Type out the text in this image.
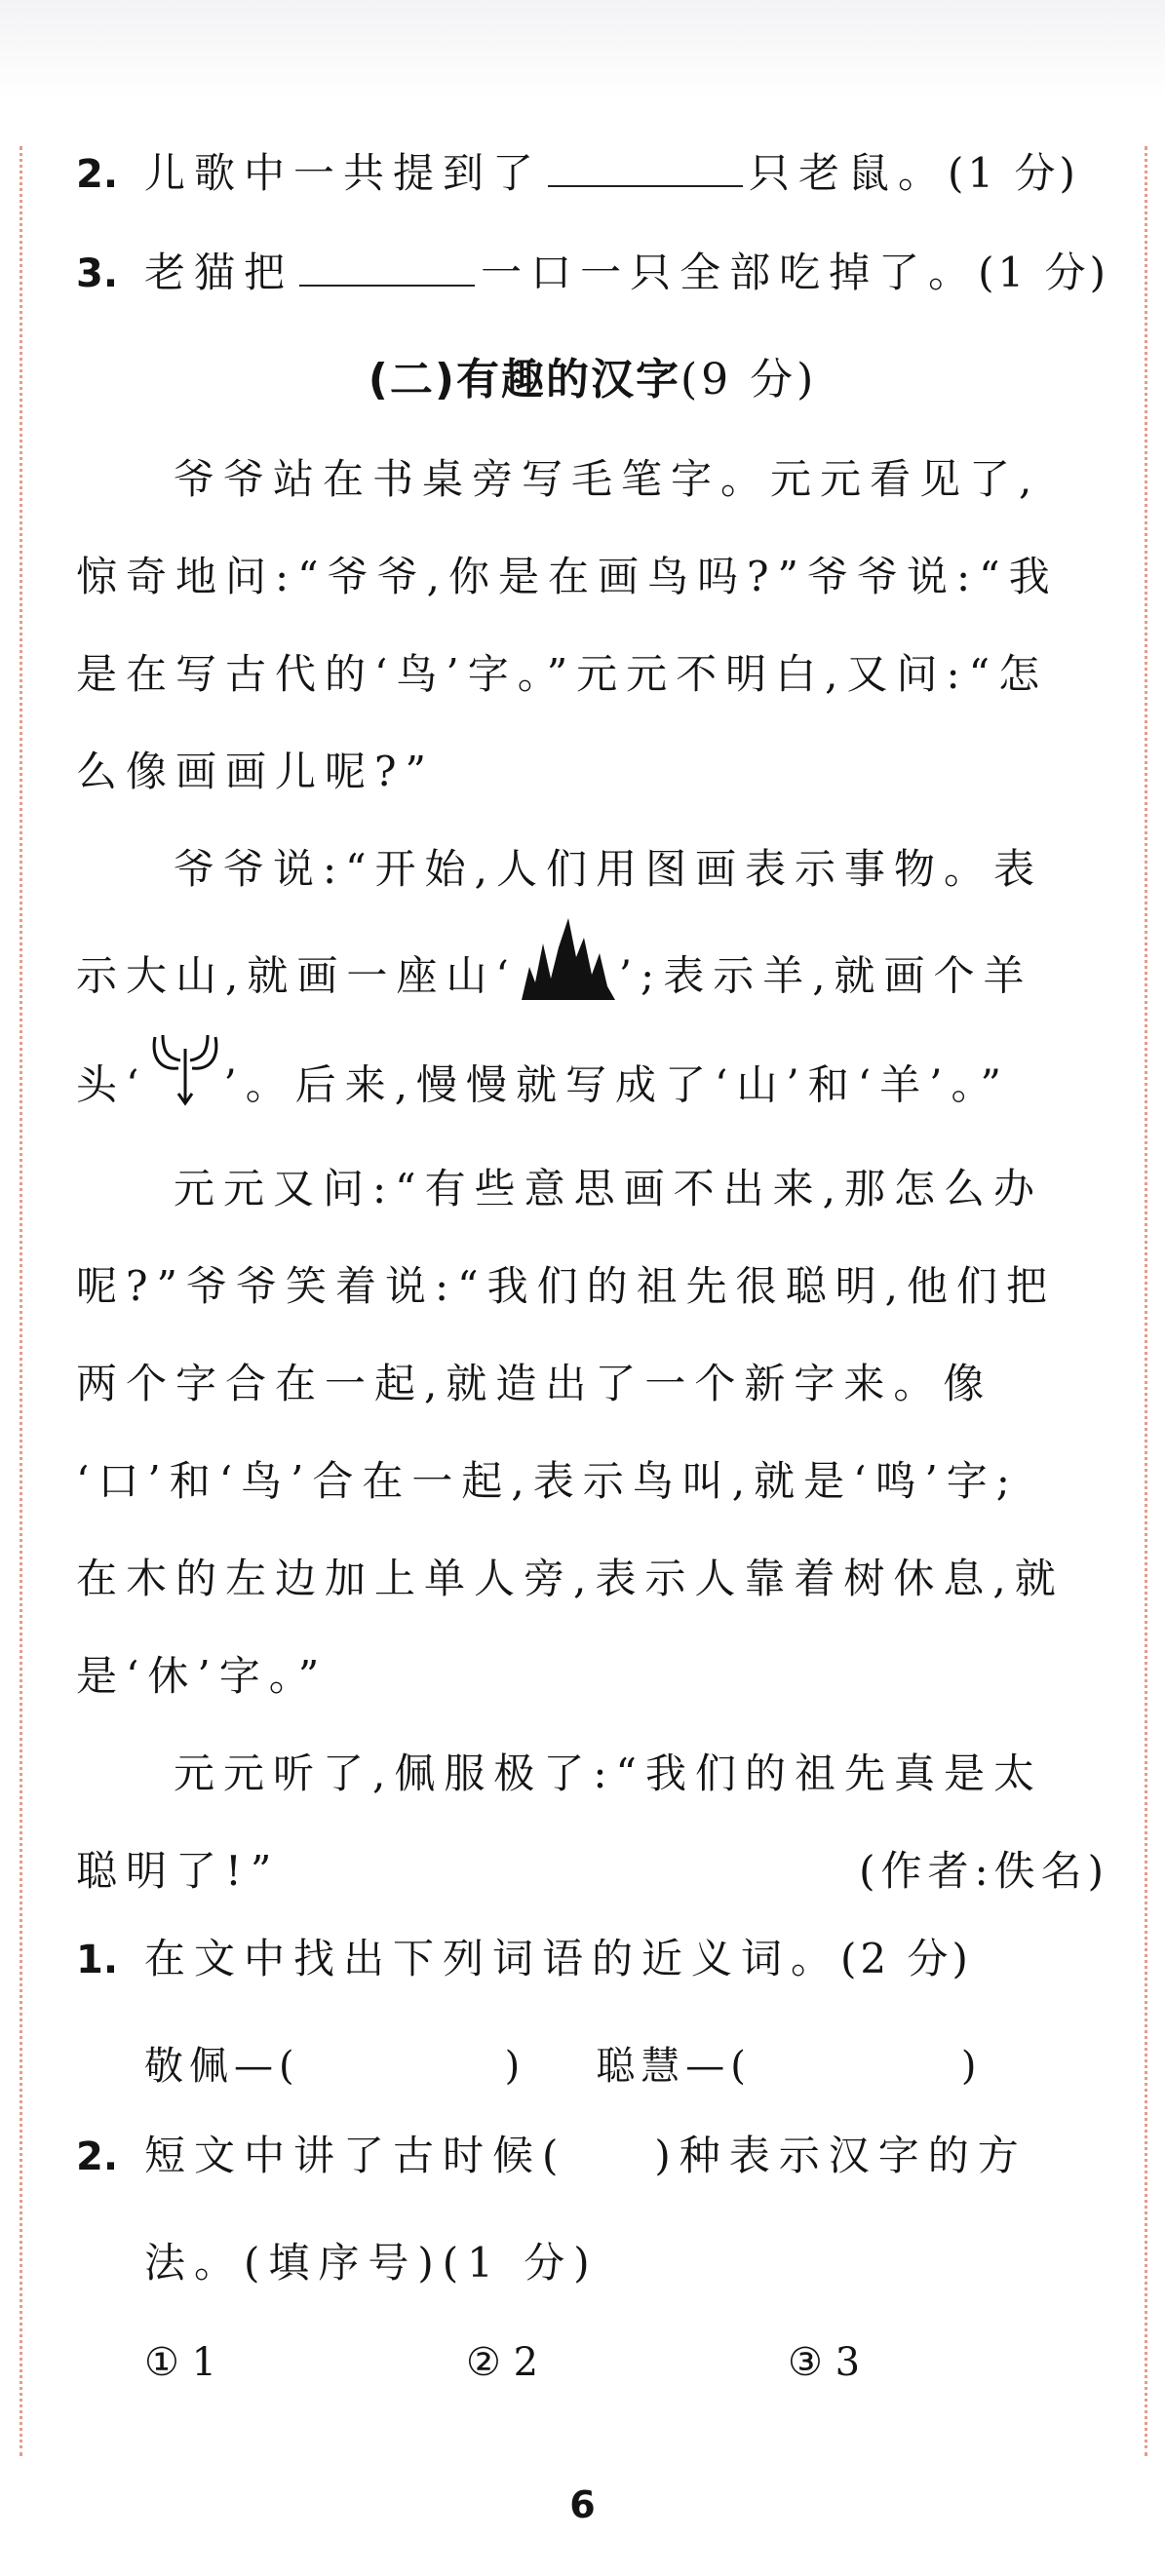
2. 儿歌中一共提到了	只老鼠。 (1 分)
3. 老猫把	一口一只全部吃掉了。 (1 分)
(二)有趣的汉字(9 分)
爷爷站在书桌旁写毛笔字。元元看见了,
惊奇地问:“爷爷,你是在画鸟吗?”爷爷说:“我
是在写古代的‘鸟’字。”元元不明白,又问:“怎
么像画画儿呢?”
爷爷说:“开始,人们用图画表示事物。表
示大山,就画一座山‘ ’;表示羊,就画个羊
头‘ ’。后来,慢慢就写成了‘山’和‘羊’。”
元元又问:“有些意思画不出来,那怎么办
呢?”爷爷笑着说:“我们的祖先很聪明,他们把
两个字合在一起,就造出了一个新字来。像
‘口’和‘鸟’合在一起,表示鸟叫,就是‘鸣’字;
在木的左边加上单人旁,表示人靠着树休息,就
是‘休’字。”
元元听了,佩服极了:“我们的祖先真是太
聪明了!”	(作者:佚名)
1. 在文中找出下列词语的近义词。 (2 分)
敬佩—(	) 聪慧—(	)
2. 短文中讲了古时候( )种表示汉字的方
法。(填序号)(1 分)
① 1	② 2	③ 3
6
